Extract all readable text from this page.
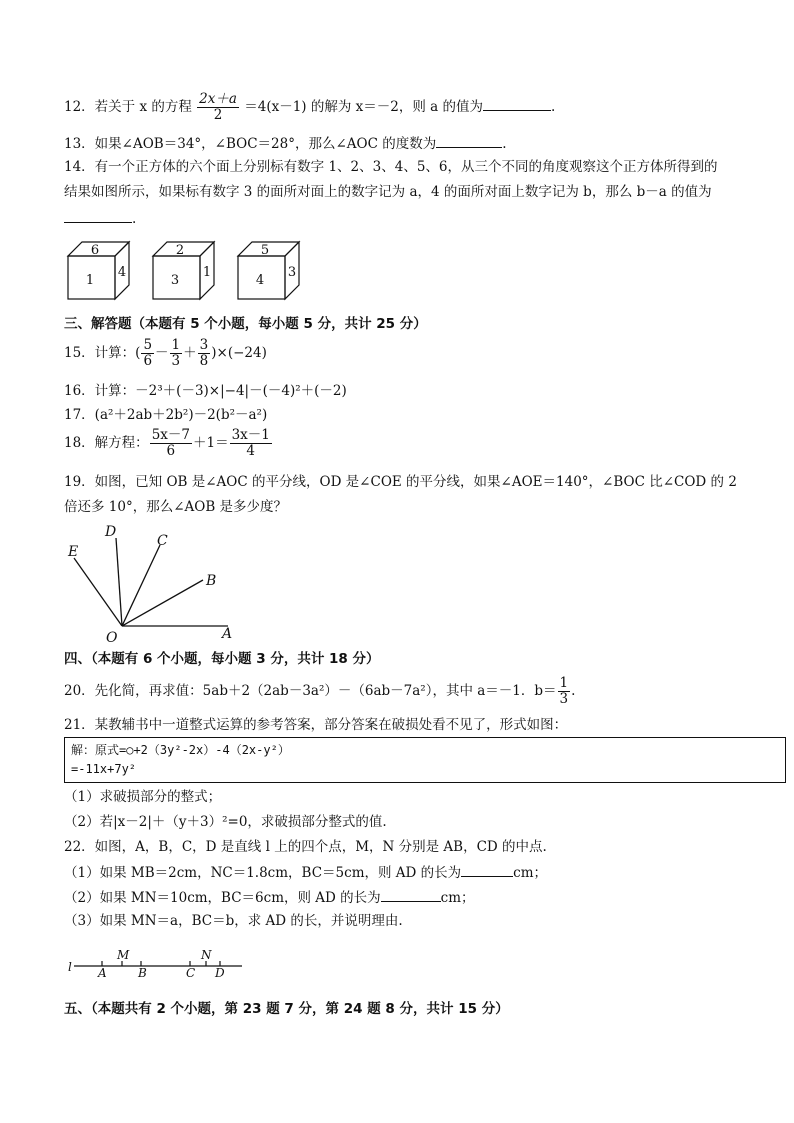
12．若关于 x 的方程 $\frac{2x+a}{2} =4(x-1)$ 的解为 x＝－2，则 a 的值为	.
13．如果∠AOB＝34°，∠BOC＝28°，那么∠AOC 的度数为	.
14．有一个正方体的六个面上分别标有数字 1、2、3、4、5、6，从三个不同的角度观察这个正方体所得到的
结果如图所示，如果标有数字 3 的面所对面上的数字记为 a，4 的面所对面上数字记为 b，那么 b－a 的值为
.
6
1
4
2
3
1
5
4
3
三、解答题（本题有 5 个小题，每小题 5 分，共计 25 分）
15．计算：( $\frac{5}{6} - \frac{1}{3} + \frac{3}{8} )\times(-24)$
16．计算：－2³＋(－3)×|−4|－(－4)²＋(－2)
17．(a²＋2ab＋2b²)－2(b²－a²)
18．解方程： $\frac{5x-7}{6} +1= \frac{3x-1}{4}$
19．如图，已知 OB 是∠AOC 的平分线，OD 是∠COE 的平分线，如果∠AOE＝140°，∠BOC 比∠COD 的 2
倍还多 10°，那么∠AOB 是多少度？
D
C
E
B
O	A
四、（本题有 6 个小题，每小题 3 分，共计 18 分）
20．先化简，再求值：5ab＋2（2ab－3a²）－（6ab－7a²），其中 a＝－1．$b= \frac{1}{3}$ .
21．某教辅书中一道整式运算的参考答案，部分答案在破损处看不见了，形式如图：
解：原式=○+2（3y²-2x）-4（2x-y²）
=-11x+7y²
（1）求破损部分的整式；
（2）若|x－2|＋（y＋3）²=0，求破损部分整式的值.
22．如图，A，B，C，D 是直线 l 上的四个点，M，N 分别是 AB，CD 的中点.
（1）如果 MB＝2cm，NC＝1.8cm，BC＝5cm，则 AD 的长为	cm；
（2）如果 MN＝10cm，BC＝6cm，则 AD 的长为	cm；
（3）如果 MN＝a，BC＝b，求 AD 的长，并说明理由.
l
M
A	B
N
C D
五、（本题共有 2 个小题，第 23 题 7 分，第 24 题 8 分，共计 15 分）
